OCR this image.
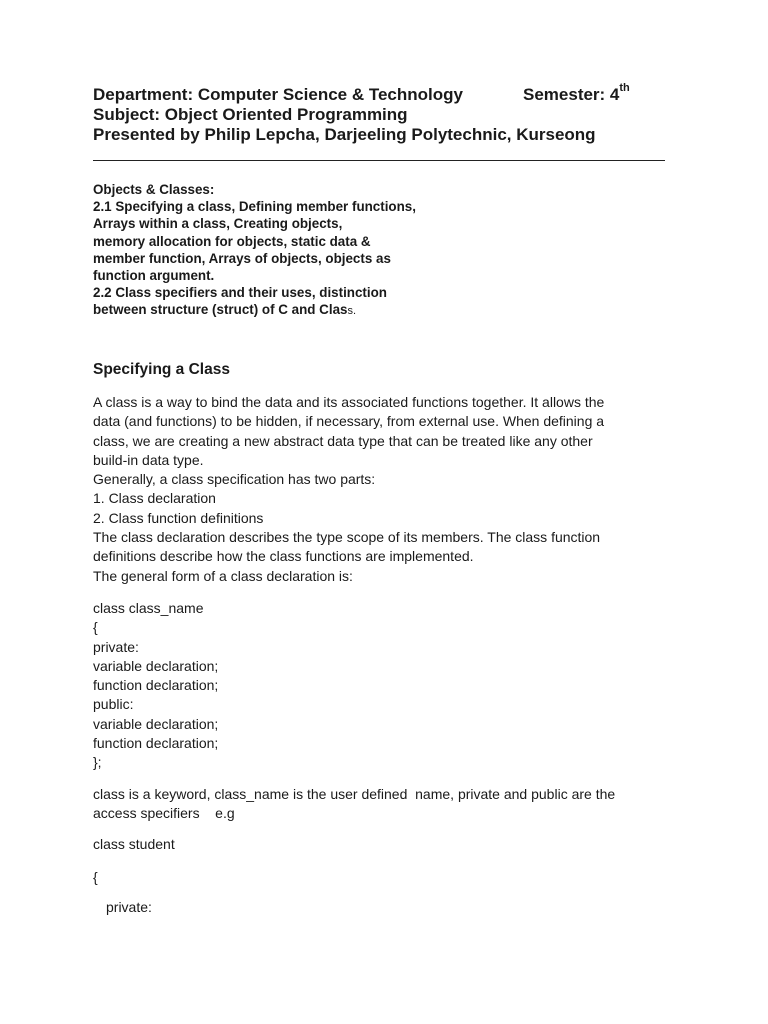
Department: Computer Science & Technology	Semester: 4th
Subject: Object Oriented Programming
Presented by Philip Lepcha, Darjeeling Polytechnic, Kurseong
Objects & Classes:
2.1 Specifying a class, Defining member functions,
Arrays within a class, Creating objects,
memory allocation for objects, static data &
member function, Arrays of objects, objects as
function argument.
2.2 Class specifiers and their uses, distinction
between structure (struct) of C and Class.
Specifying a Class
A class is a way to bind the data and its associated functions together. It allows the
data (and functions) to be hidden, if necessary, from external use. When defining a
class, we are creating a new abstract data type that can be treated like any other
build-in data type.
Generally, a class specification has two parts:
1. Class declaration
2. Class function definitions
The class declaration describes the type scope of its members. The class function
definitions describe how the class functions are implemented.
The general form of a class declaration is:
class class_name
{
private:
variable declaration;
function declaration;
public:
variable declaration;
function declaration;
};
class is a keyword, class_name is the user defined  name, private and public are the
access specifiers    e.g
class student
{
private:
